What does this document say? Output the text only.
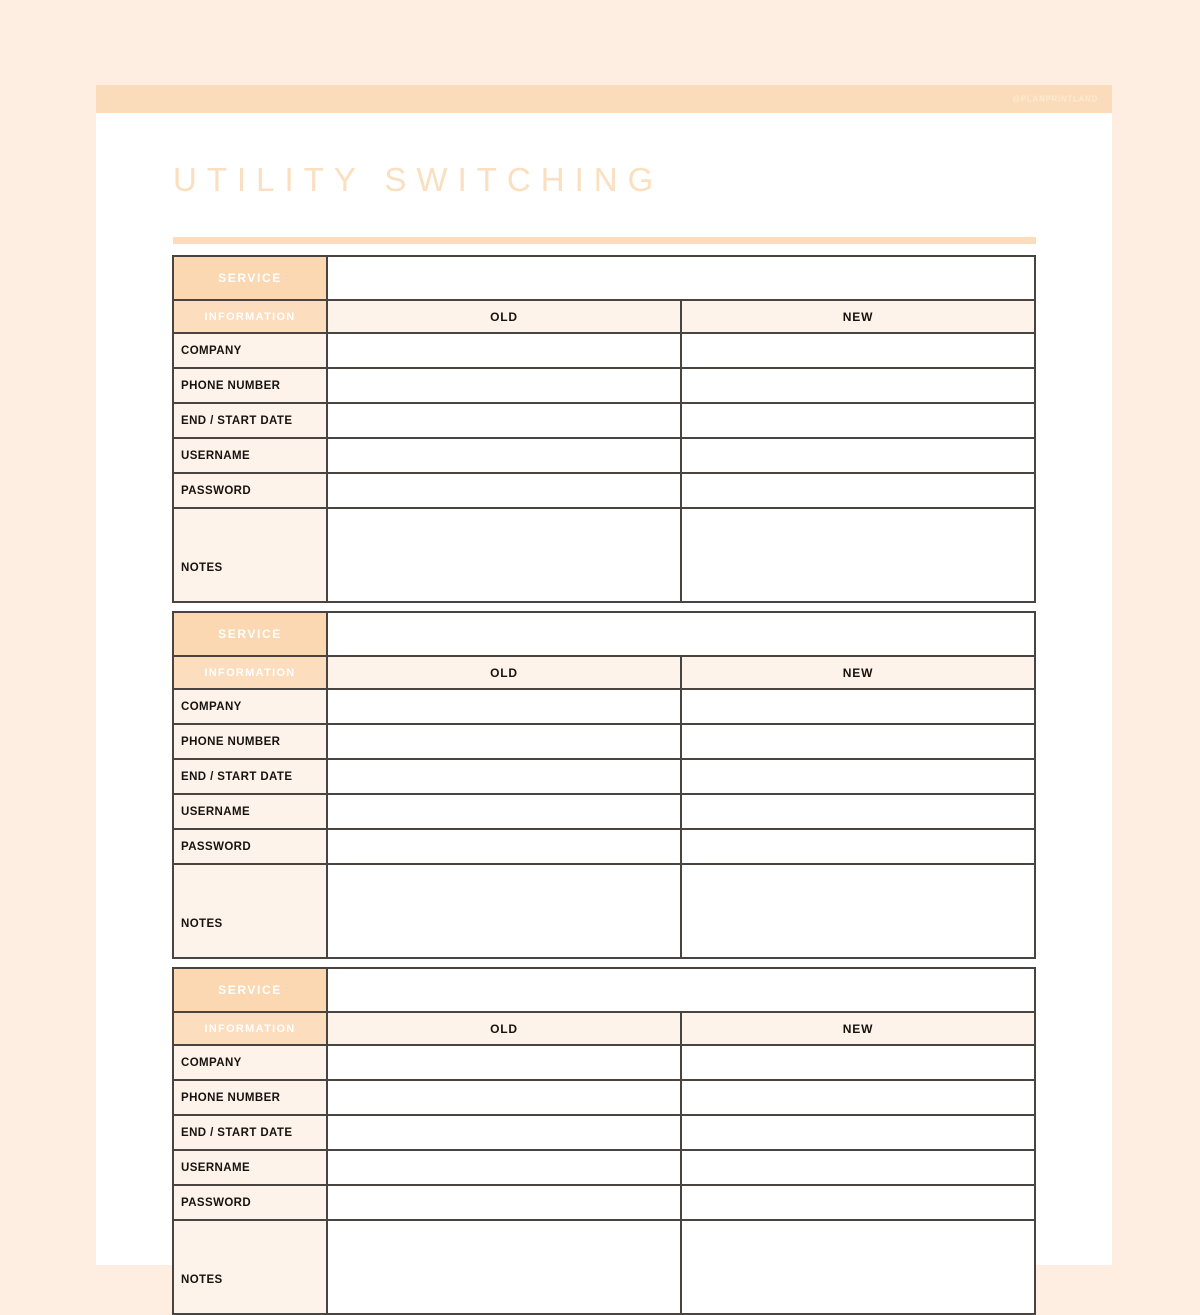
@PLANPRINTLAND
UTILITY SWITCHING
SERVICE
INFORMATION	OLD	NEW
COMPANY
PHONE NUMBER
END / START DATE
USERNAME
PASSWORD
NOTES
SERVICE
INFORMATION	OLD	NEW
COMPANY
PHONE NUMBER
END / START DATE
USERNAME
PASSWORD
NOTES
SERVICE
INFORMATION	OLD	NEW
COMPANY
PHONE NUMBER
END / START DATE
USERNAME
PASSWORD
NOTES
